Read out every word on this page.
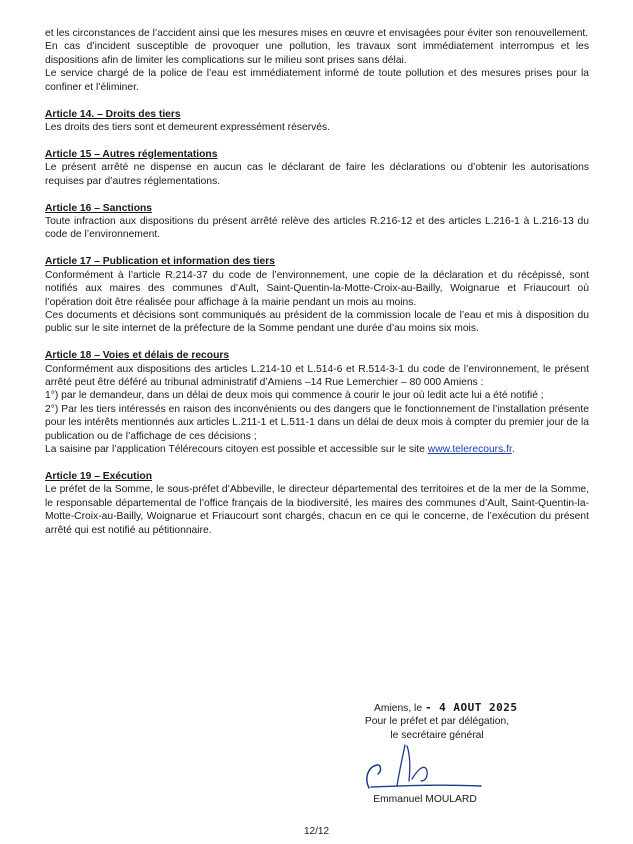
et les circonstances de l’accident ainsi que les mesures mises en œuvre et envisagées pour éviter son renouvellement.

En cas d’incident susceptible de provoquer une pollution, les travaux sont immédiatement interrompus et les dispositions afin de limiter les complications sur le milieu sont prises sans délai.

Le service chargé de la police de l’eau est immédiatement informé de toute pollution et des mesures prises pour la confiner et l’éliminer.

Article 14. – Droits des tiers

Les droits des tiers sont et demeurent expressément réservés.

Article 15 – Autres réglementations

Le présent arrêté ne dispense en aucun cas le déclarant de faire les déclarations ou d’obtenir les autorisations requises par d’autres réglementations.

Article 16 – Sanctions

Toute infraction aux dispositions du présent arrêté relève des articles R.216-12 et des articles L.216-1 à L.216-13 du code de l’environnement.

Article 17 – Publication et information des tiers

Conformément à l’article R.214-37 du code de l’environnement, une copie de la déclaration et du récépissé, sont notifiés aux maires des communes d’Ault, Saint-Quentin-la-Motte-Croix-au-Bailly, Woignarue et Friaucourt où l’opération doit être réalisée pour affichage à la mairie pendant un mois au moins.

Ces documents et décisions sont communiqués au président de la commission locale de l’eau et mis à disposition du public sur le site internet de la préfecture de la Somme pendant une durée d’au moins six mois.

Article 18 – Voies et délais de recours

Conformément aux dispositions des articles L.214-10 et L.514-6 et R.514-3-1 du code de l’environnement, le présent arrêté peut être déféré au tribunal administratif d’Amiens –14 Rue Lemerchier – 80 000 Amiens :

1°) par le demandeur, dans un délai de deux mois qui commence à courir le jour où ledit acte lui a été notifié ;

2°) Par les tiers intéressés en raison des inconvénients ou des dangers que le fonctionnement de l’installation présente pour les intérêts mentionnés aux articles L.211-1 et L.511-1 dans un délai de deux mois à compter du premier jour de la publication ou de l’affichage de ces décisions ;

La saisine par l’application Télérecours citoyen est possible et accessible sur le site www.telerecours.fr.

Article 19 – Exécution

Le préfet de la Somme, le sous-préfet d’Abbeville, le directeur départemental des territoires et de la mer de la Somme, le responsable départemental de l’office français de la biodiversité, les maires des communes d’Ault, Saint-Quentin-la-Motte-Croix-au-Bailly, Woignarue et Friaucourt sont chargés, chacun en ce qui le concerne, de l’exécution du présent arrêté qui est notifié au pétitionnaire.

Amiens, le - 4 AOUT 2025
Pour le préfet et par délégation,
le secrétaire général
Emmanuel MOULARD
12/12
